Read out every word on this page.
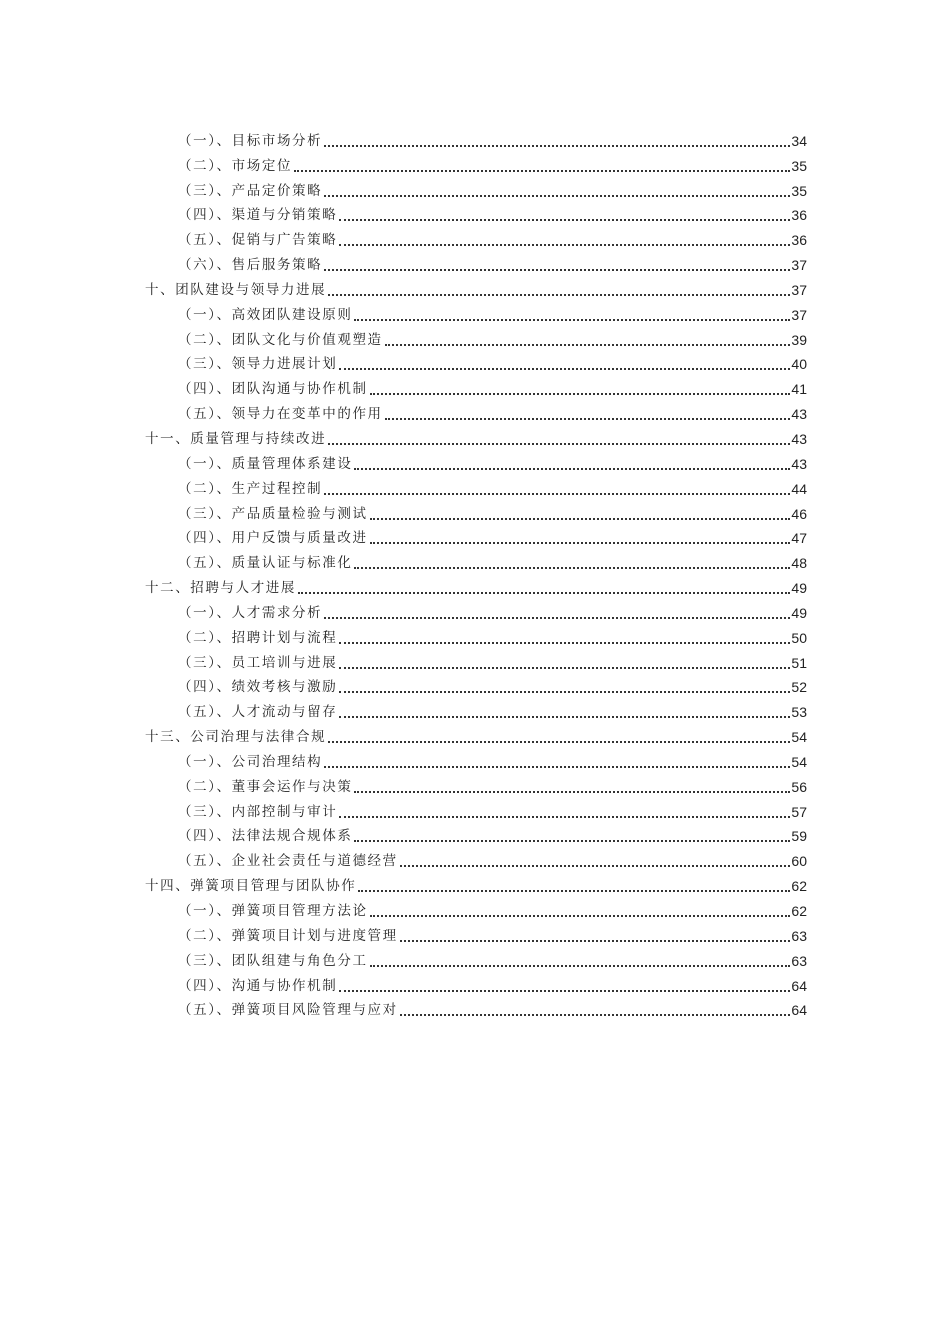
（一）、目标市场分析	34
（二）、市场定位	35
（三）、产品定价策略	35
（四）、渠道与分销策略	36
（五）、促销与广告策略	36
（六）、售后服务策略	37
十、团队建设与领导力进展	37
（一）、高效团队建设原则	37
（二）、团队文化与价值观塑造	39
（三）、领导力进展计划	40
（四）、团队沟通与协作机制	41
（五）、领导力在变革中的作用	43
十一、质量管理与持续改进	43
（一）、质量管理体系建设	43
（二）、生产过程控制	44
（三）、产品质量检验与测试	46
（四）、用户反馈与质量改进	47
（五）、质量认证与标准化	48
十二、招聘与人才进展	49
（一）、人才需求分析	49
（二）、招聘计划与流程	50
（三）、员工培训与进展	51
（四）、绩效考核与激励	52
（五）、人才流动与留存	53
十三、公司治理与法律合规	54
（一）、公司治理结构	54
（二）、董事会运作与决策	56
（三）、内部控制与审计	57
（四）、法律法规合规体系	59
（五）、企业社会责任与道德经营	60
十四、弹簧项目管理与团队协作	62
（一）、弹簧项目管理方法论	62
（二）、弹簧项目计划与进度管理	63
（三）、团队组建与角色分工	63
（四）、沟通与协作机制	64
（五）、弹簧项目风险管理与应对	64
